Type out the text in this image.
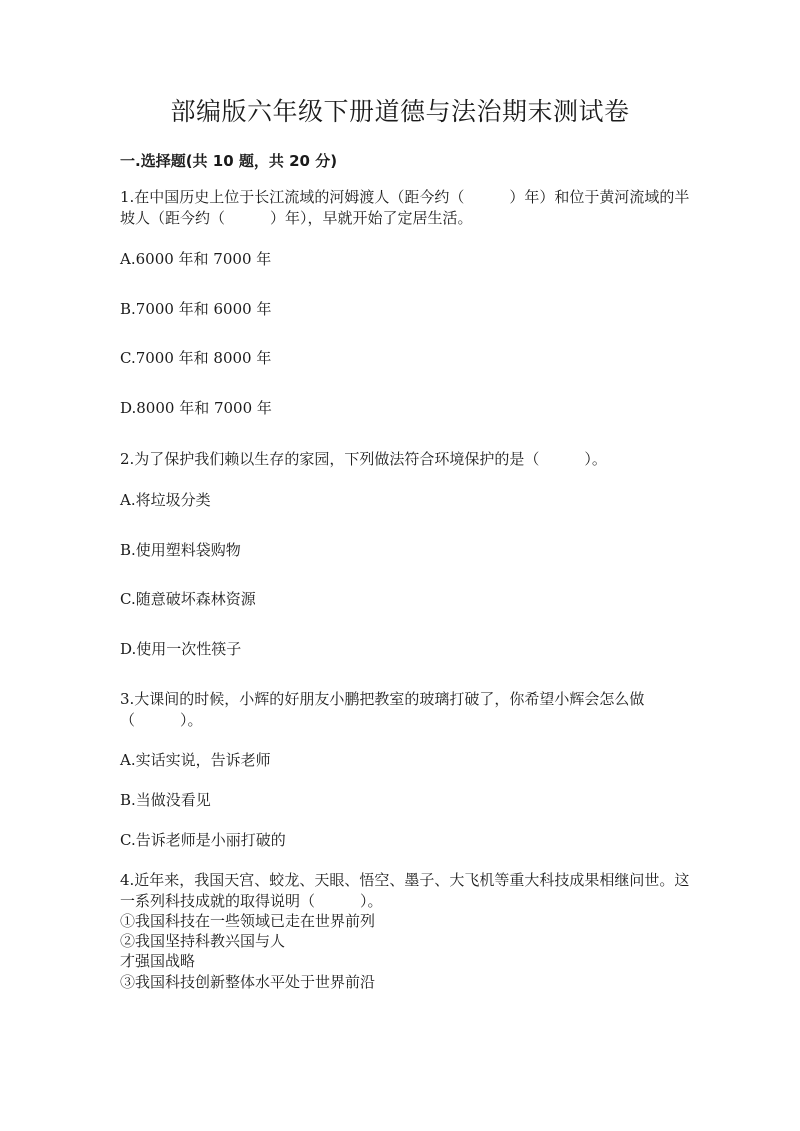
部编版六年级下册道德与法治期末测试卷
一.选择题(共 10 题，共 20 分)
1.在中国历史上位于长江流域的河姆渡人（距今约（　　　）年）和位于黄河流域的半坡人（距今约（　　　）年），早就开始了定居生活。
A.6000 年和 7000 年
B.7000 年和 6000 年
C.7000 年和 8000 年
D.8000 年和 7000 年
2.为了保护我们赖以生存的家园，下列做法符合环境保护的是（　　　）。
A.将垃圾分类
B.使用塑料袋购物
C.随意破坏森林资源
D.使用一次性筷子
3.大课间的时候，小辉的好朋友小鹏把教室的玻璃打破了，你希望小辉会怎么做（　　　）。
A.实话实说，告诉老师
B.当做没看见
C.告诉老师是小丽打破的
4.近年来，我国天宫、蛟龙、天眼、悟空、墨子、大飞机等重大科技成果相继问世。这一系列科技成就的取得说明（　　　）。
①我国科技在一些领域已走在世界前列
②我国坚持科教兴国与人
才强国战略
③我国科技创新整体水平处于世界前沿
